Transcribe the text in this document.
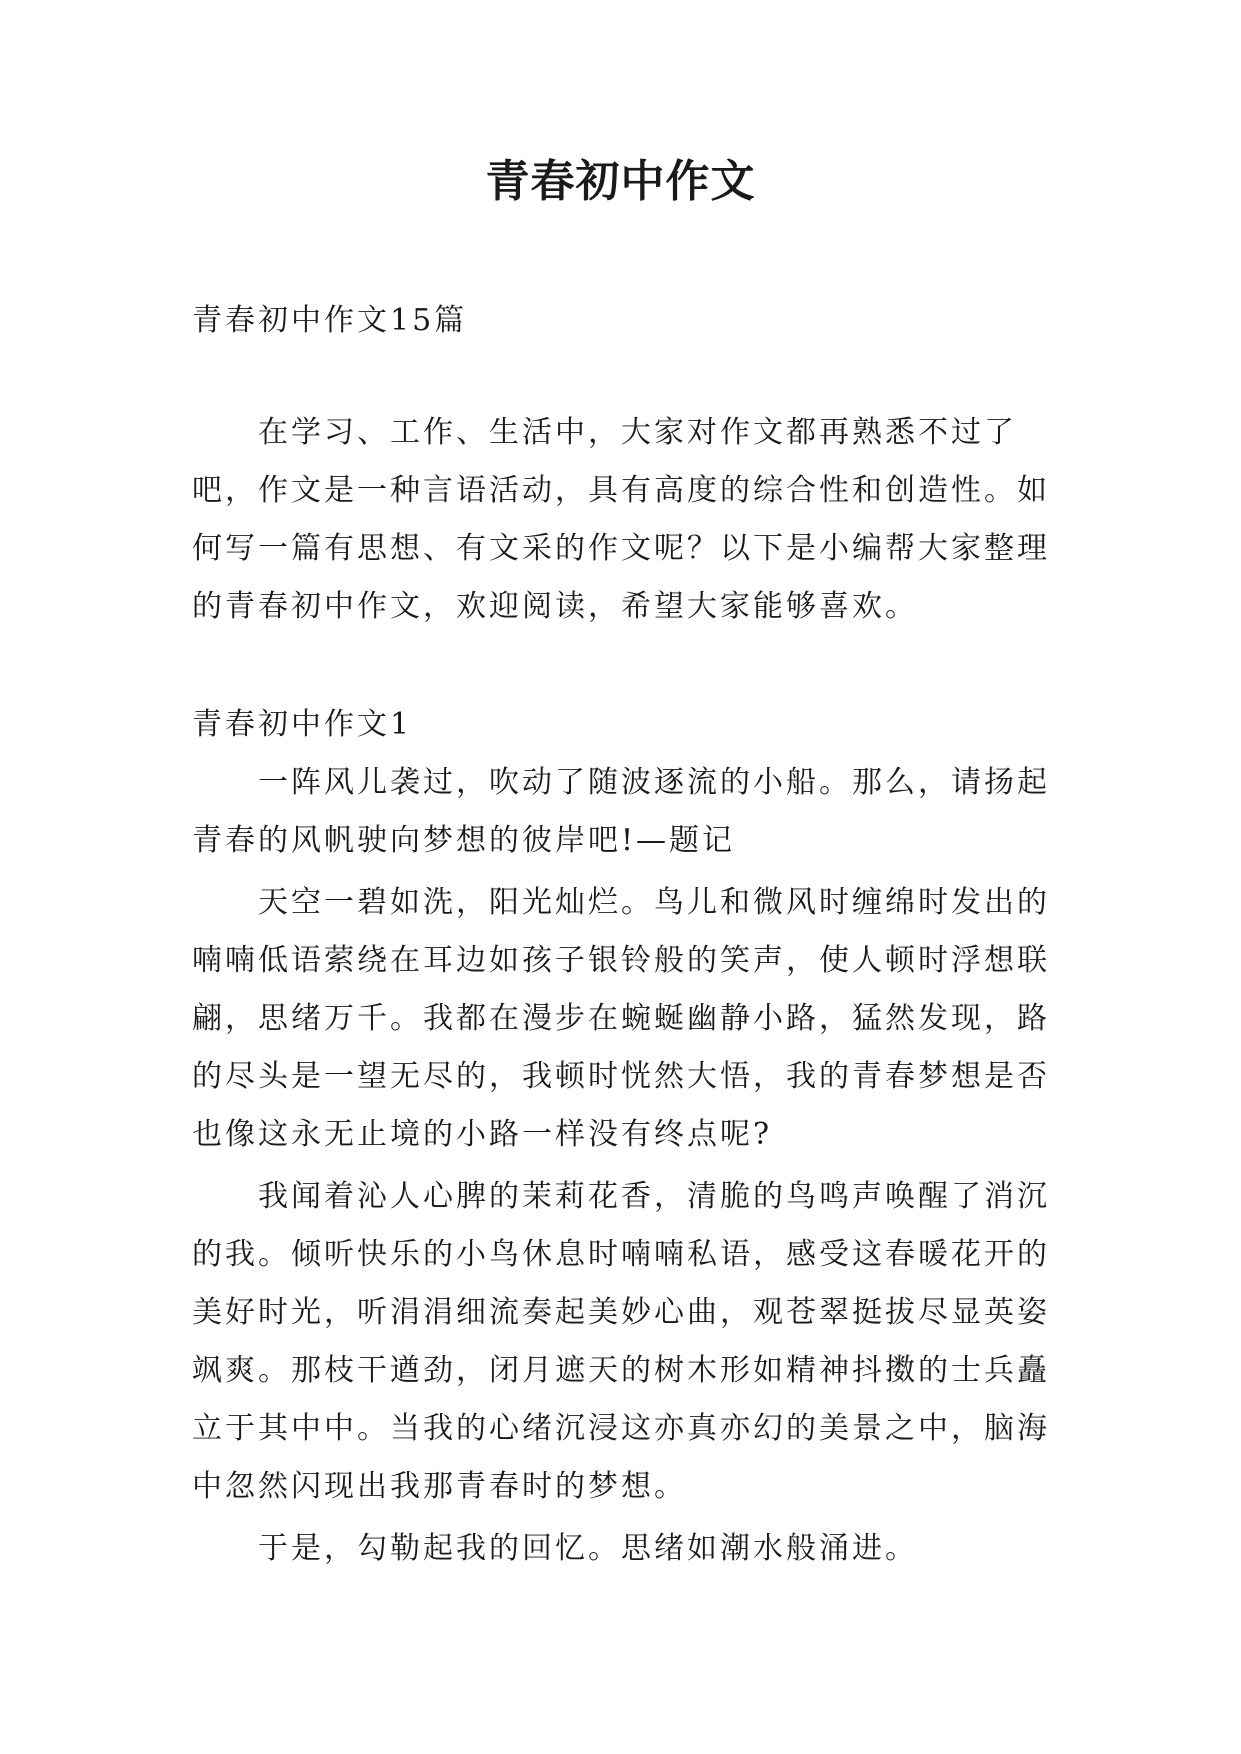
青春初中作文

青春初中作文15篇

在学习、工作、生活中，大家对作文都再熟悉不过了吧，作文是一种言语活动，具有高度的综合性和创造性。如何写一篇有思想、有文采的作文呢？以下是小编帮大家整理的青春初中作文，欢迎阅读，希望大家能够喜欢。

青春初中作文1

一阵风儿袭过，吹动了随波逐流的小船。那么，请扬起青春的风帆驶向梦想的彼岸吧!—题记

天空一碧如洗，阳光灿烂。鸟儿和微风时缠绵时发出的喃喃低语萦绕在耳边如孩子银铃般的笑声，使人顿时浮想联翩，思绪万千。我都在漫步在蜿蜒幽静小路，猛然发现，路的尽头是一望无尽的，我顿时恍然大悟，我的青春梦想是否也像这永无止境的小路一样没有终点呢?

我闻着沁人心脾的茉莉花香，清脆的鸟鸣声唤醒了消沉的我。倾听快乐的小鸟休息时喃喃私语，感受这春暖花开的美好时光，听涓涓细流奏起美妙心曲，观苍翠挺拔尽显英姿飒爽。那枝干遒劲，闭月遮天的树木形如精神抖擞的士兵矗立于其中中。当我的心绪沉浸这亦真亦幻的美景之中，脑海中忽然闪现出我那青春时的梦想。

于是，勾勒起我的回忆。思绪如潮水般涌进。
